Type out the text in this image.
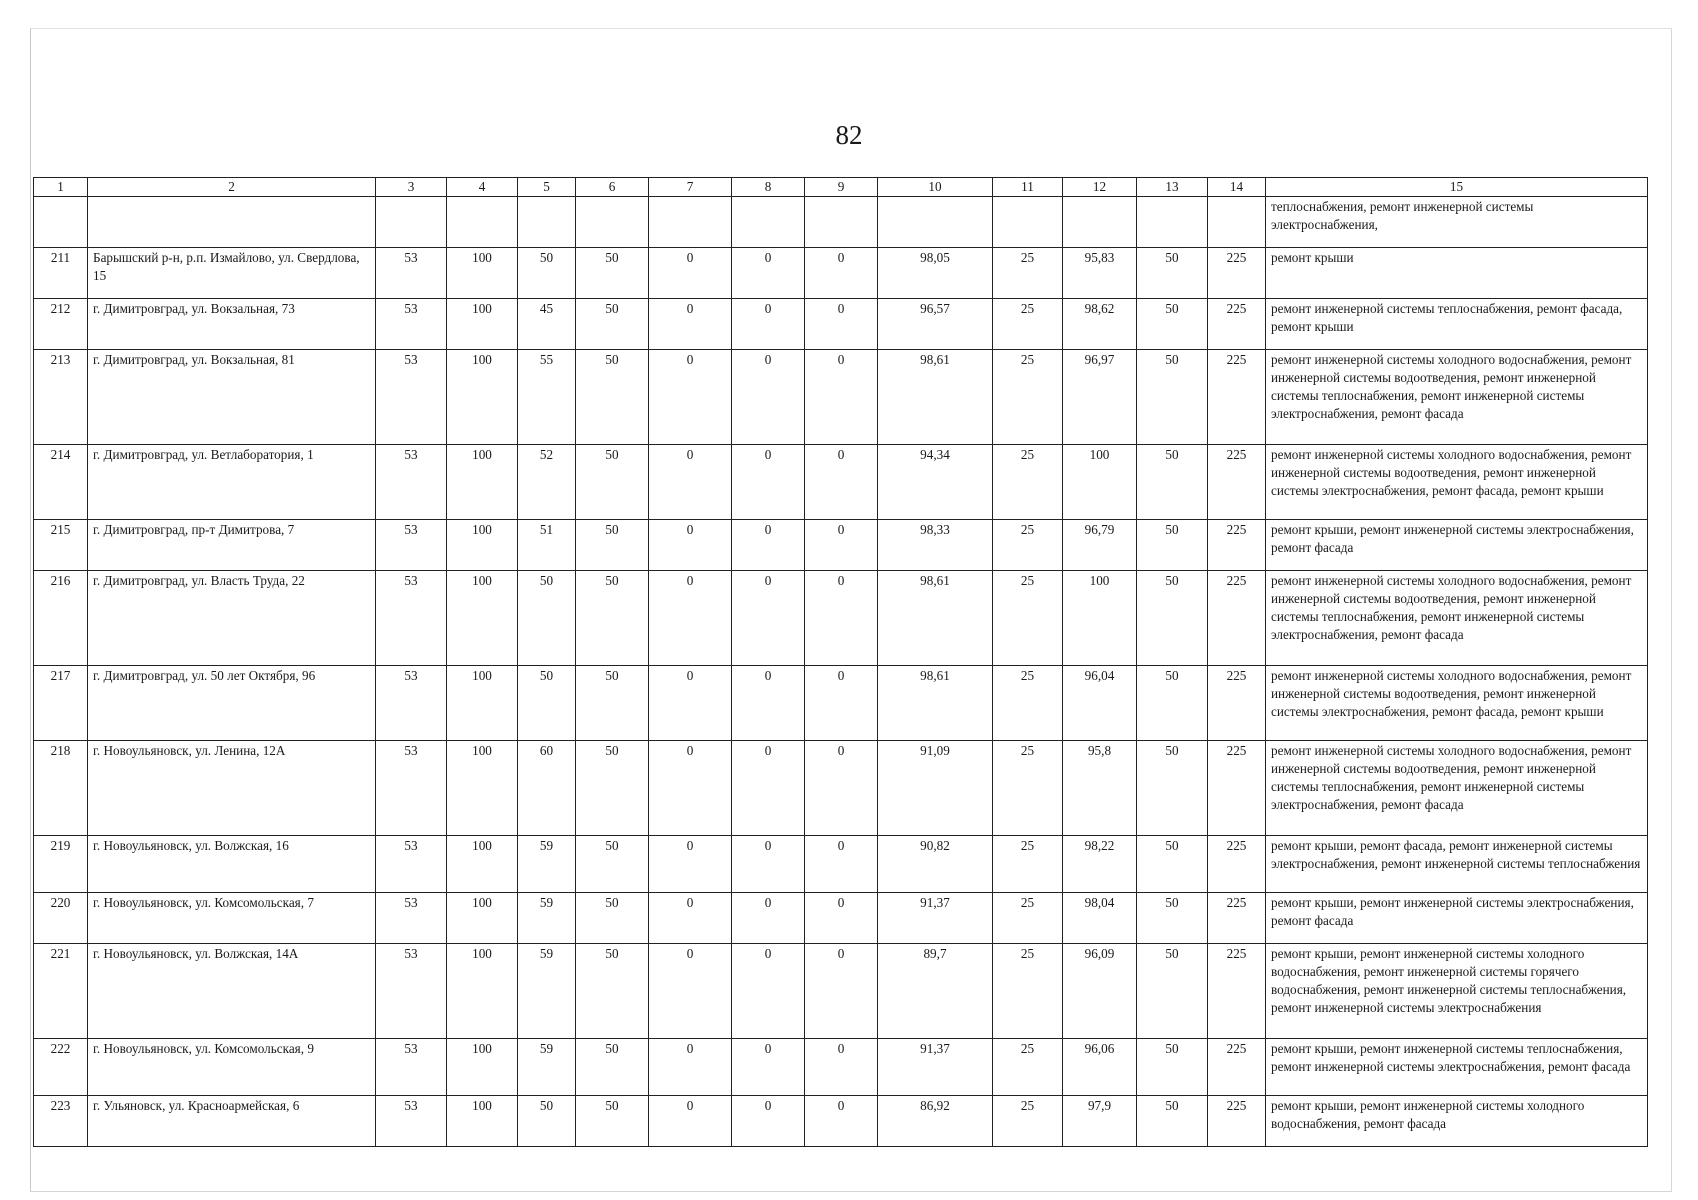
82
1	2	3	4	5	6	7	8	9	10	11	12	13	14	15
														теплоснабжения, ремонт инженерной системы электроснабжения,
211	Барышский р-н, р.п. Измайлово, ул. Свердлова, 15	53	100	50	50	0	0	0	98,05	25	95,83	50	225	ремонт крыши
212	г. Димитровград, ул. Вокзальная, 73	53	100	45	50	0	0	0	96,57	25	98,62	50	225	ремонт инженерной системы теплоснабжения, ремонт фасада, ремонт крыши
213	г. Димитровград, ул. Вокзальная, 81	53	100	55	50	0	0	0	98,61	25	96,97	50	225	ремонт инженерной системы холодного водоснабжения, ремонт инженерной системы водоотведения, ремонт инженерной системы теплоснабжения, ремонт инженерной системы электроснабжения, ремонт фасада
214	г. Димитровград, ул. Ветлаборатория, 1	53	100	52	50	0	0	0	94,34	25	100	50	225	ремонт инженерной системы холодного водоснабжения, ремонт инженерной системы водоотведения, ремонт инженерной системы электроснабжения, ремонт фасада, ремонт крыши
215	г. Димитровград, пр-т Димитрова, 7	53	100	51	50	0	0	0	98,33	25	96,79	50	225	ремонт крыши, ремонт инженерной системы электроснабжения, ремонт фасада
216	г. Димитровград, ул. Власть Труда, 22	53	100	50	50	0	0	0	98,61	25	100	50	225	ремонт инженерной системы холодного водоснабжения, ремонт инженерной системы водоотведения, ремонт инженерной системы теплоснабжения, ремонт инженерной системы электроснабжения, ремонт фасада
217	г. Димитровград, ул. 50 лет Октября, 96	53	100	50	50	0	0	0	98,61	25	96,04	50	225	ремонт инженерной системы холодного водоснабжения, ремонт инженерной системы водоотведения, ремонт инженерной системы электроснабжения, ремонт фасада, ремонт крыши
218	г. Новоульяновск, ул. Ленина, 12А	53	100	60	50	0	0	0	91,09	25	95,8	50	225	ремонт инженерной системы холодного водоснабжения, ремонт инженерной системы водоотведения, ремонт инженерной системы теплоснабжения, ремонт инженерной системы электроснабжения, ремонт фасада
219	г. Новоульяновск, ул. Волжская, 16	53	100	59	50	0	0	0	90,82	25	98,22	50	225	ремонт крыши, ремонт фасада, ремонт инженерной системы электроснабжения, ремонт инженерной системы теплоснабжения
220	г. Новоульяновск, ул. Комсомольская, 7	53	100	59	50	0	0	0	91,37	25	98,04	50	225	ремонт крыши, ремонт инженерной системы электроснабжения, ремонт фасада
221	г. Новоульяновск, ул. Волжская, 14А	53	100	59	50	0	0	0	89,7	25	96,09	50	225	ремонт крыши, ремонт инженерной системы холодного водоснабжения, ремонт инженерной системы горячего водоснабжения, ремонт инженерной системы теплоснабжения, ремонт инженерной системы электроснабжения
222	г. Новоульяновск, ул. Комсомольская, 9	53	100	59	50	0	0	0	91,37	25	96,06	50	225	ремонт крыши, ремонт инженерной системы теплоснабжения, ремонт инженерной системы электроснабжения, ремонт фасада
223	г. Ульяновск, ул. Красноармейская, 6	53	100	50	50	0	0	0	86,92	25	97,9	50	225	ремонт крыши, ремонт инженерной системы холодного водоснабжения, ремонт фасада
